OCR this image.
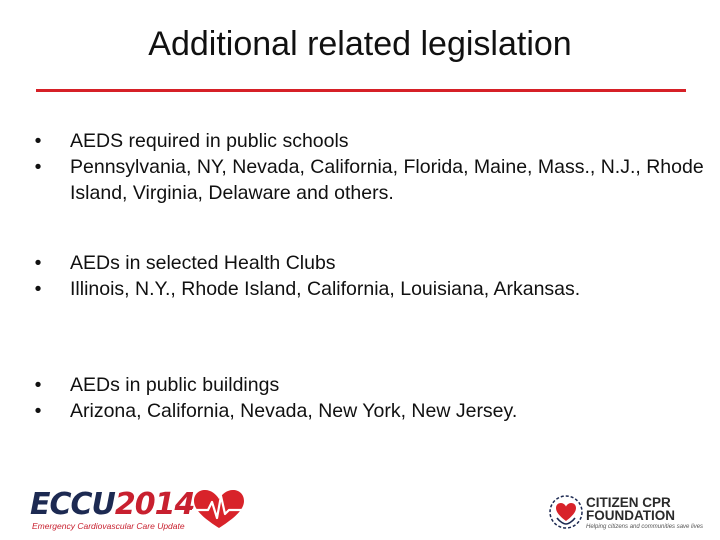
Additional related legislation
•	AEDS required in public schools
•	Pennsylvania, NY, Nevada, California, Florida, Maine, Mass., N.J., Rhode Island, Virginia, Delaware and others.
•	AEDs in selected Health Clubs
•	Illinois, N.Y., Rhode Island, California, Louisiana, Arkansas.
•	AEDs in public buildings
•	Arizona, California, Nevada, New York, New Jersey.
ECCU2014
Emergency Cardiovascular Care Update
CITIZEN CPR
FOUNDATION
Helping citizens and communities save lives
